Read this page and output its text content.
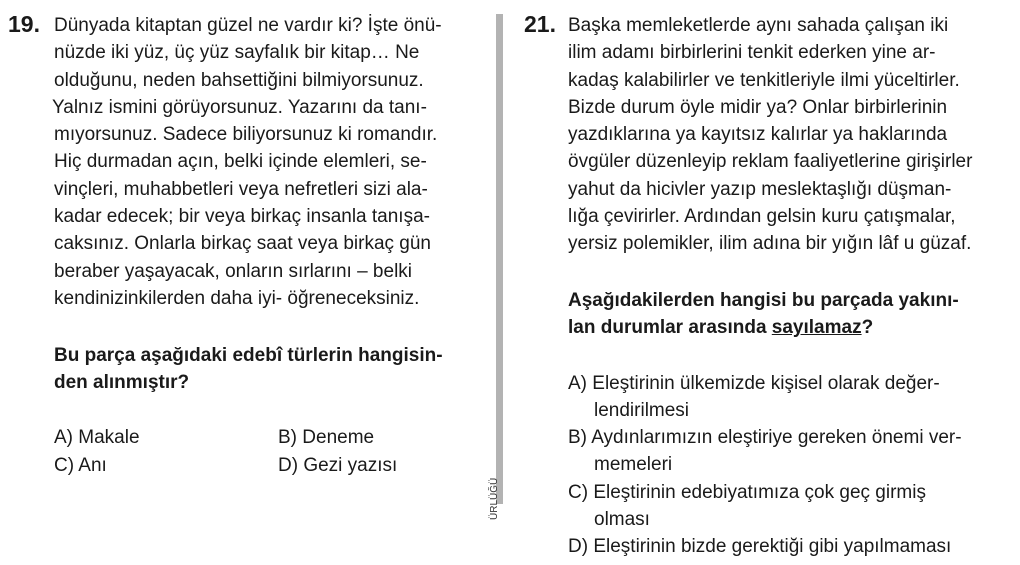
19. Dünyada kitaptan güzel ne vardır ki? İşte önü-
nüzde iki yüz, üç yüz sayfalık bir kitap… Ne
olduğunu, neden bahsettiğini bilmiyorsunuz.
Yalnız ismini görüyorsunuz. Yazarını da tanı-
mıyorsunuz. Sadece biliyorsunuz ki romandır.
Hiç durmadan açın, belki içinde elemleri, se-
vinçleri, muhabbetleri veya nefretleri sizi ala-
kadar edecek; bir veya birkaç insanla tanışa-
caksınız. Onlarla birkaç saat veya birkaç gün
beraber yaşayacak, onların sırlarını – belki
kendinizinkilerden daha iyi- öğreneceksiniz.
Bu parça aşağıdaki edebî türlerin hangisin-
den alınmıştır?
A) Makale	B) Deneme
C) Anı	D) Gezi yazısı
ÜRLÜĞÜ
21. Başka memleketlerde aynı sahada çalışan iki
ilim adamı birbirlerini tenkit ederken yine ar-
kadaş kalabilirler ve tenkitleriyle ilmi yüceltirler.
Bizde durum öyle midir ya? Onlar birbirlerinin
yazdıklarına ya kayıtsız kalırlar ya haklarında
övgüler düzenleyip reklam faaliyetlerine girişirler
yahut da hicivler yazıp meslektaşlığı düşman-
lığa çevirirler. Ardından gelsin kuru çatışmalar,
yersiz polemikler, ilim adına bir yığın lâf u güzaf.
Aşağıdakilerden hangisi bu parçada yakını-
lan durumlar arasında sayılamaz?
A) Eleştirinin ülkemizde kişisel olarak değer-
lendirilmesi
B) Aydınlarımızın eleştiriye gereken önemi ver-
memeleri
C) Eleştirinin edebiyatımıza çok geç girmiş
olması
D) Eleştirinin bizde gerektiği gibi yapılmaması
